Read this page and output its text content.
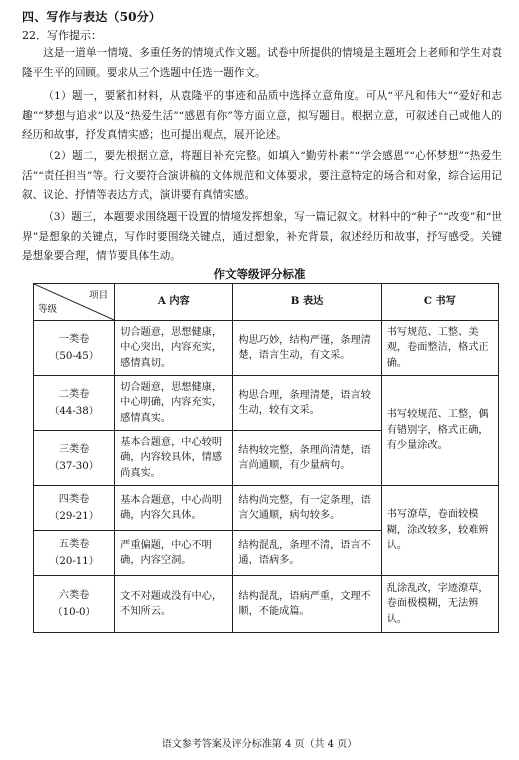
四、写作与表达（50分）
22．写作提示：
这是一道单一情境、多重任务的情境式作文题。试卷中所提供的情境是主题班会上老师和学生对袁隆平生平的回顾。要求从三个选题中任选一题作文。
（1）题一，要紧扣材料，从袁隆平的事迹和品质中选择立意角度。可从“平凡和伟大”“爱好和志趣”“梦想与追求”以及“热爱生活”“感恩有你”等方面立意，拟写题目。根据立意，可叙述自己或他人的经历和故事，抒发真情实感；也可提出观点，展开论述。
（2）题二，要先根据立意，将题目补充完整。如填入“勤劳朴素”“学会感恩”“心怀梦想”“热爱生活”“责任担当”等。行文要符合演讲稿的文体规范和文体要求，要注意特定的场合和对象，综合运用记叙、议论、抒情等表达方式，演讲要有真情实感。
（3）题三，本题要求围绕题干设置的情境发挥想象，写一篇记叙文。材料中的“种子”“改变”和“世界”是想象的关键点，写作时要围绕关键点，通过想象，补充背景，叙述经历和故事，抒写感受。关键是想象要合理，情节要具体生动。
作文等级评分标准
项目
等级	A 内容	B 表达	C 书写

一类卷
（50-45）	切合题意，思想健康，中心突出，内容充实，感情真切。	构思巧妙，结构严谨，条理清楚，语言生动，有文采。	书写规范、工整、美观，卷面整洁，格式正确。

二类卷
（44-38）	切合题意，思想健康，中心明确，内容充实，感情真实。	构思合理，条理清楚，语言较生动，较有文采。	书写较规范、工整，偶有错别字，格式正确，有少量涂改。

三类卷
（37-30）	基本合题意，中心较明确，内容较具体，情感尚真实。	结构较完整，条理尚清楚，语言尚通顺，有少量病句。	

四类卷
（29-21）	基本合题意，中心尚明确，内容欠具体。	结构尚完整，有一定条理，语言欠通顺，病句较多。	书写潦草，卷面较模糊，涂改较多，较难辨认。

五类卷
（20-11）	严重偏题，中心不明确，内容空洞。	结构混乱，条理不清，语言不通，语病多。	

六类卷
（10-0）	文不对题或没有中心，不知所云。	结构混乱，语病严重，文理不顺，不能成篇。	乱涂乱改，字迹潦草，卷面极模糊，无法辨认。
语文参考答案及评分标准第 4 页（共 4 页）
